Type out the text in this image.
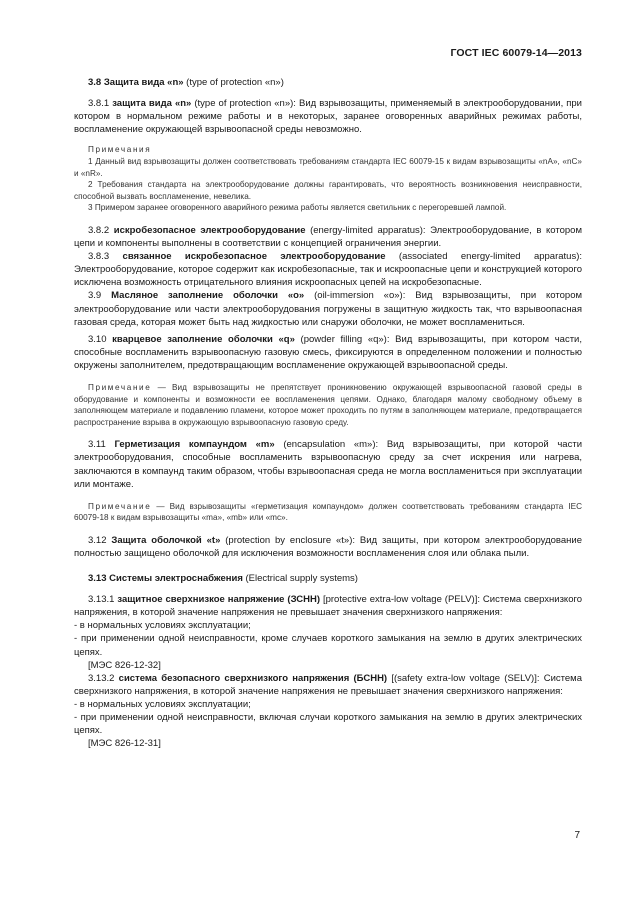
ГОСТ IEC 60079-14—2013

3.8 Защита вида «n» (type of protection «n»)

3.8.1 защита вида «n» (type of protection «n»): Вид взрывозащиты, применяемый в электрооборудовании, при котором в нормальном режиме работы и в некоторых, заранее оговоренных аварийных режимах работы, воспламенение окружающей взрывоопасной среды невозможно.

Примечания

1 Данный вид взрывозащиты должен соответствовать требованиям стандарта IEC 60079-15 к видам взрывозащиты «nA», «nC» и «nR».

2 Требования стандарта на электрооборудование должны гарантировать, что вероятность возникновения неисправности, способной вызвать воспламенение, невелика.

3 Примером заранее оговоренного аварийного режима работы является светильник с перегоревшей лампой.

3.8.2 искробезопасное электрооборудование (energy-limited apparatus): Электрооборудование, в котором цепи и компоненты выполнены в соответствии с концепцией ограничения энергии.

3.8.3 связанное искробезопасное электрооборудование (associated energy-limited apparatus): Электрооборудование, которое содержит как искробезопасные, так и искроопасные цепи и конструкцией которого исключена возможность отрицательного влияния искроопасных цепей на искробезопасные.

3.9 Масляное заполнение оболочки «о» (oil-immersion «o»): Вид взрывозащиты, при котором электрооборудование или части электрооборудования погружены в защитную жидкость так, что взрывоопасная газовая среда, которая может быть над жидкостью или снаружи оболочки, не может воспламениться.

3.10 кварцевое заполнение оболочки «q» (powder filling «q»): Вид взрывозащиты, при котором части, способные воспламенить взрывоопасную газовую смесь, фиксируются в определенном положении и полностью окружены заполнителем, предотвращающим воспламенение окружающей взрывоопасной среды.

Примечание — Вид взрывозащиты не препятствует проникновению окружающей взрывоопасной газовой среды в оборудование и компоненты и возможности ее воспламенения цепями. Однако, благодаря малому свободному объему в заполняющем материале и подавлению пламени, которое может проходить по путям в заполняющем материале, предотвращается распространение взрыва в окружающую взрывоопасную газовую среду.

3.11 Герметизация компаундом «m» (encapsulation «m»): Вид взрывозащиты, при которой части электрооборудования, способные воспламенить взрывоопасную среду за счет искрения или нагрева, заключаются в компаунд таким образом, чтобы взрывоопасная среда не могла воспламениться при эксплуатации или монтаже.

Примечание — Вид взрывозащиты «герметизация компаундом» должен соответствовать требованиям стандарта IEC 60079-18 к видам взрывозащиты «ma», «mb» или «mc».

3.12 Защита оболочкой «t» (protection by enclosure «t»): Вид защиты, при котором электрооборудование полностью защищено оболочкой для исключения возможности воспламенения слоя или облака пыли.

3.13 Системы электроснабжения (Electrical supply systems)

3.13.1 защитное сверхнизкое напряжение (ЗСНН) [protective extra-low voltage (PELV)]: Система сверхнизкого напряжения, в которой значение напряжения не превышает значения сверхнизкого напряжения:

- в нормальных условиях эксплуатации;

- при применении одной неисправности, кроме случаев короткого замыкания на землю в других электрических цепях.

[МЭС 826-12-32]

3.13.2 система безопасного сверхнизкого напряжения (БСНН) [(safety extra-low voltage (SELV)]: Система сверхнизкого напряжения, в которой значение напряжения не превышает значения сверхнизкого напряжения:

- в нормальных условиях эксплуатации;

- при применении одной неисправности, включая случаи короткого замыкания на землю в других электрических цепях.

[МЭС 826-12-31]

7
